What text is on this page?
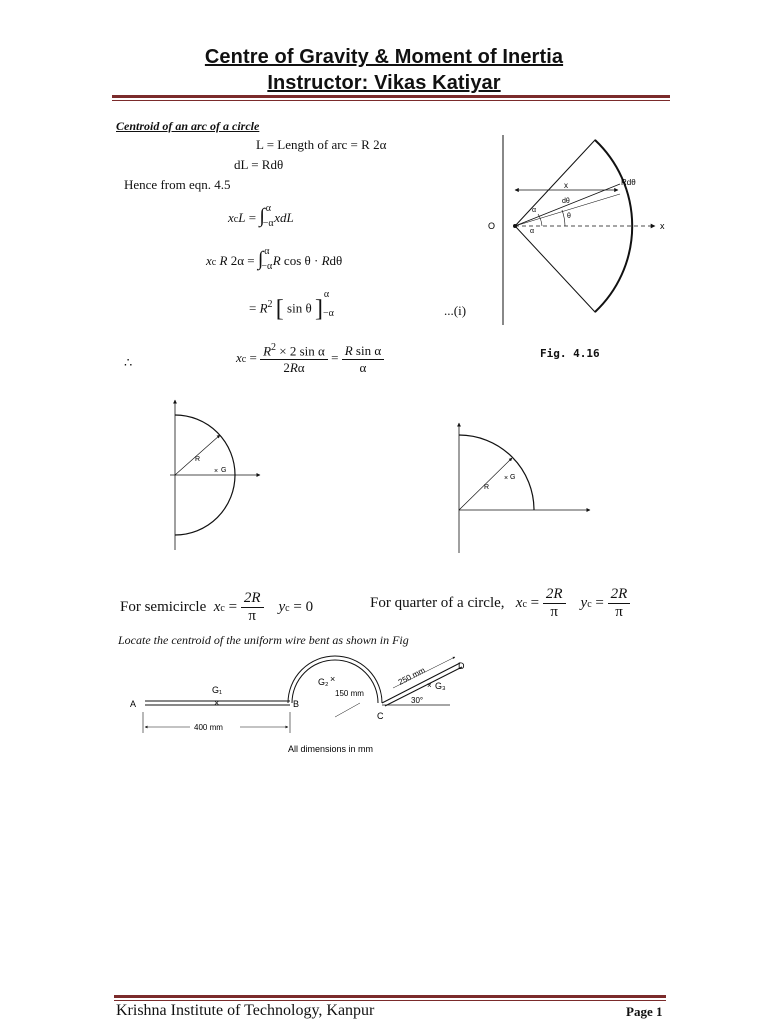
Centre of Gravity & Moment of Inertia
Instructor: Vikas Katiyar
Centroid of an arc of a circle
L = Length of arc = R 2α
dL = Rdθ
Hence from eqn. 4.5
xcL = $\int_{-\alpha}^\alpha$ xdL
xc R $2\alpha = \int_{-\alpha}^\alpha$ R cos θ · Rdθ
= $R^2$ [ sin θ ]$_{-\alpha}^\alpha$
...(i)
∴	xc = $\frac{R^2 \times 2 \sin \alpha}{2R\alpha} = \frac{\text{R sin α}}{\alpha}$
O	x
x	Rdθ
α
α
dθ
θ
Fig. 4.16
R
× G
R
× G
For semicircle xc = $\frac{2R}{\pi}$ yc = 0	For quarter of a circle, xc = $\frac{2R}{\pi}$ yc = $\frac{2R}{\pi}$
Locate the centroid of the uniform wire bent as shown in Fig
A	B
C
D
G₁
×
G₂ ×
G₃
×
150 mm
250 mm
30°
400 mm
All dimensions in mm
Krishna Institute of Technology, Kanpur	Page 1
